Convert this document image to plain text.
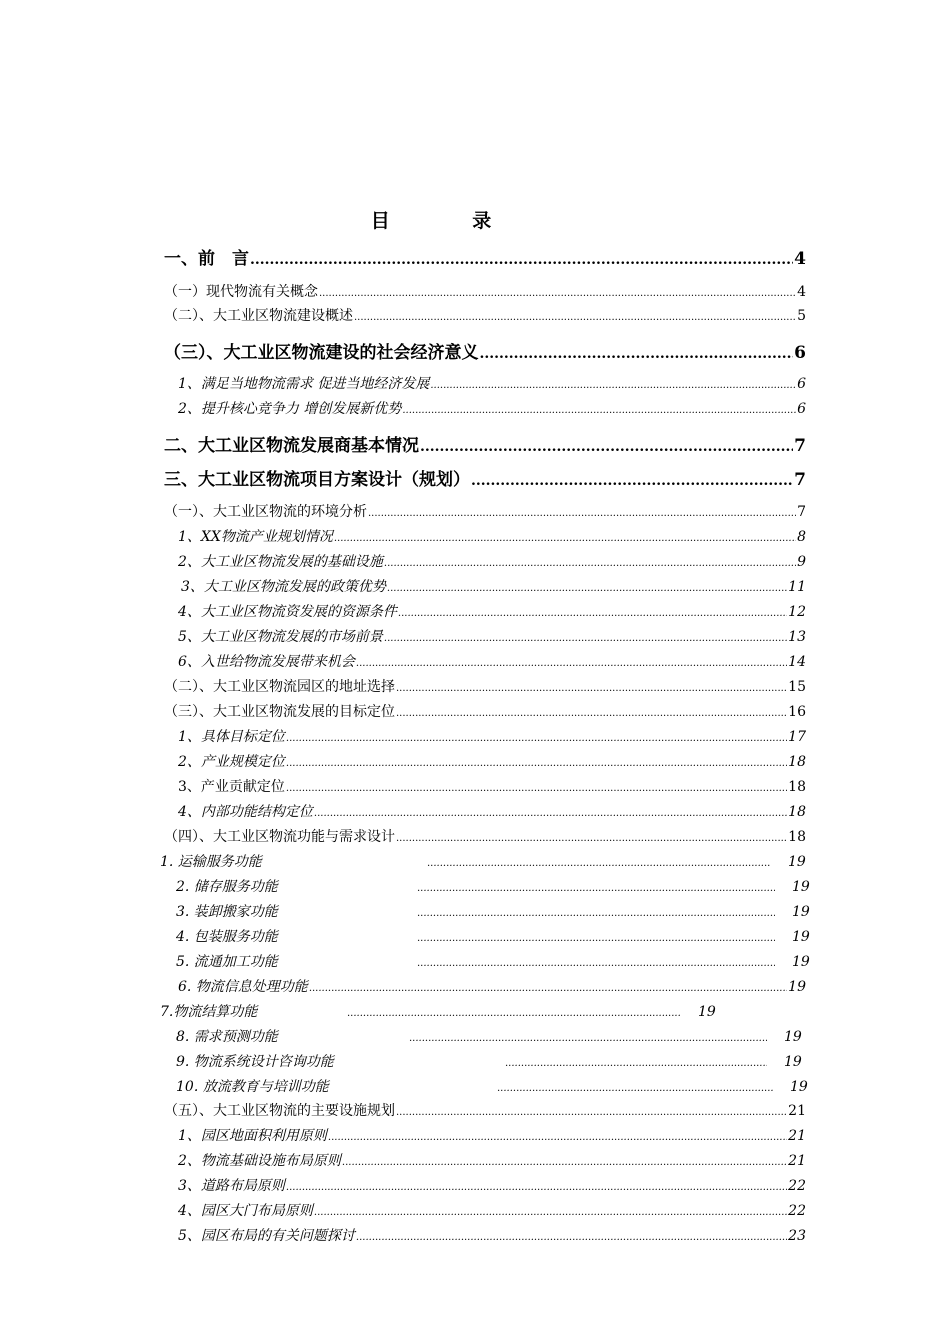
目 录
一、前　言 .....	4
（一）现代物流有关概念 .....	4
（二）、大工业区物流建设概述 .....	5
（三）、大工业区物流建设的社会经济意义 .....	6
1、满足当地物流需求 促进当地经济发展 .....	6
2、提升核心竞争力 增创发展新优势 .....	6
二、大工业区物流发展商基本情况 .....	7
三、大工业区物流项目方案设计（规划） .....	7
（一）、大工业区物流的环境分析 .....	7
1、XX物流产业规划情况 .....	8
2、大工业区物流发展的基础设施 .....	9
3、大工业区物流发展的政策优势 .....	11
4、大工业区物流资发展的资源条件 .....	12
5、大工业区物流发展的市场前景 .....	13
6、入世给物流发展带来机会 .....	14
（二）、大工业区物流园区的地址选择 .....	15
（三）、大工业区物流发展的目标定位 .....	16
1、具体目标定位 .....	17
2、产业规模定位 .....	18
3、产业贡献定位 .....	18
4、内部功能结构定位 .....	18
（四）、大工业区物流功能与需求设计 .....	18
1. 运输服务功能 .....	19
2. 储存服务功能 .....	19
3. 装卸搬家功能 .....	19
4. 包装服务功能 .....	19
5. 流通加工功能 .....	19
6. 物流信息处理功能 .....	19
7.物流结算功能 .....	19
8. 需求预测功能 .....	19
9. 物流系统设计咨询功能 .....	19
10. 放流教育与培训功能 .....	19
（五）、大工业区物流的主要设施规划 .....	21
1、园区地面积利用原则 .....	21
2、物流基础设施布局原则 .....	21
3、道路布局原则 .....	22
4、园区大门布局原则 .....	22
5、园区布局的有关问题探讨 .....	23
